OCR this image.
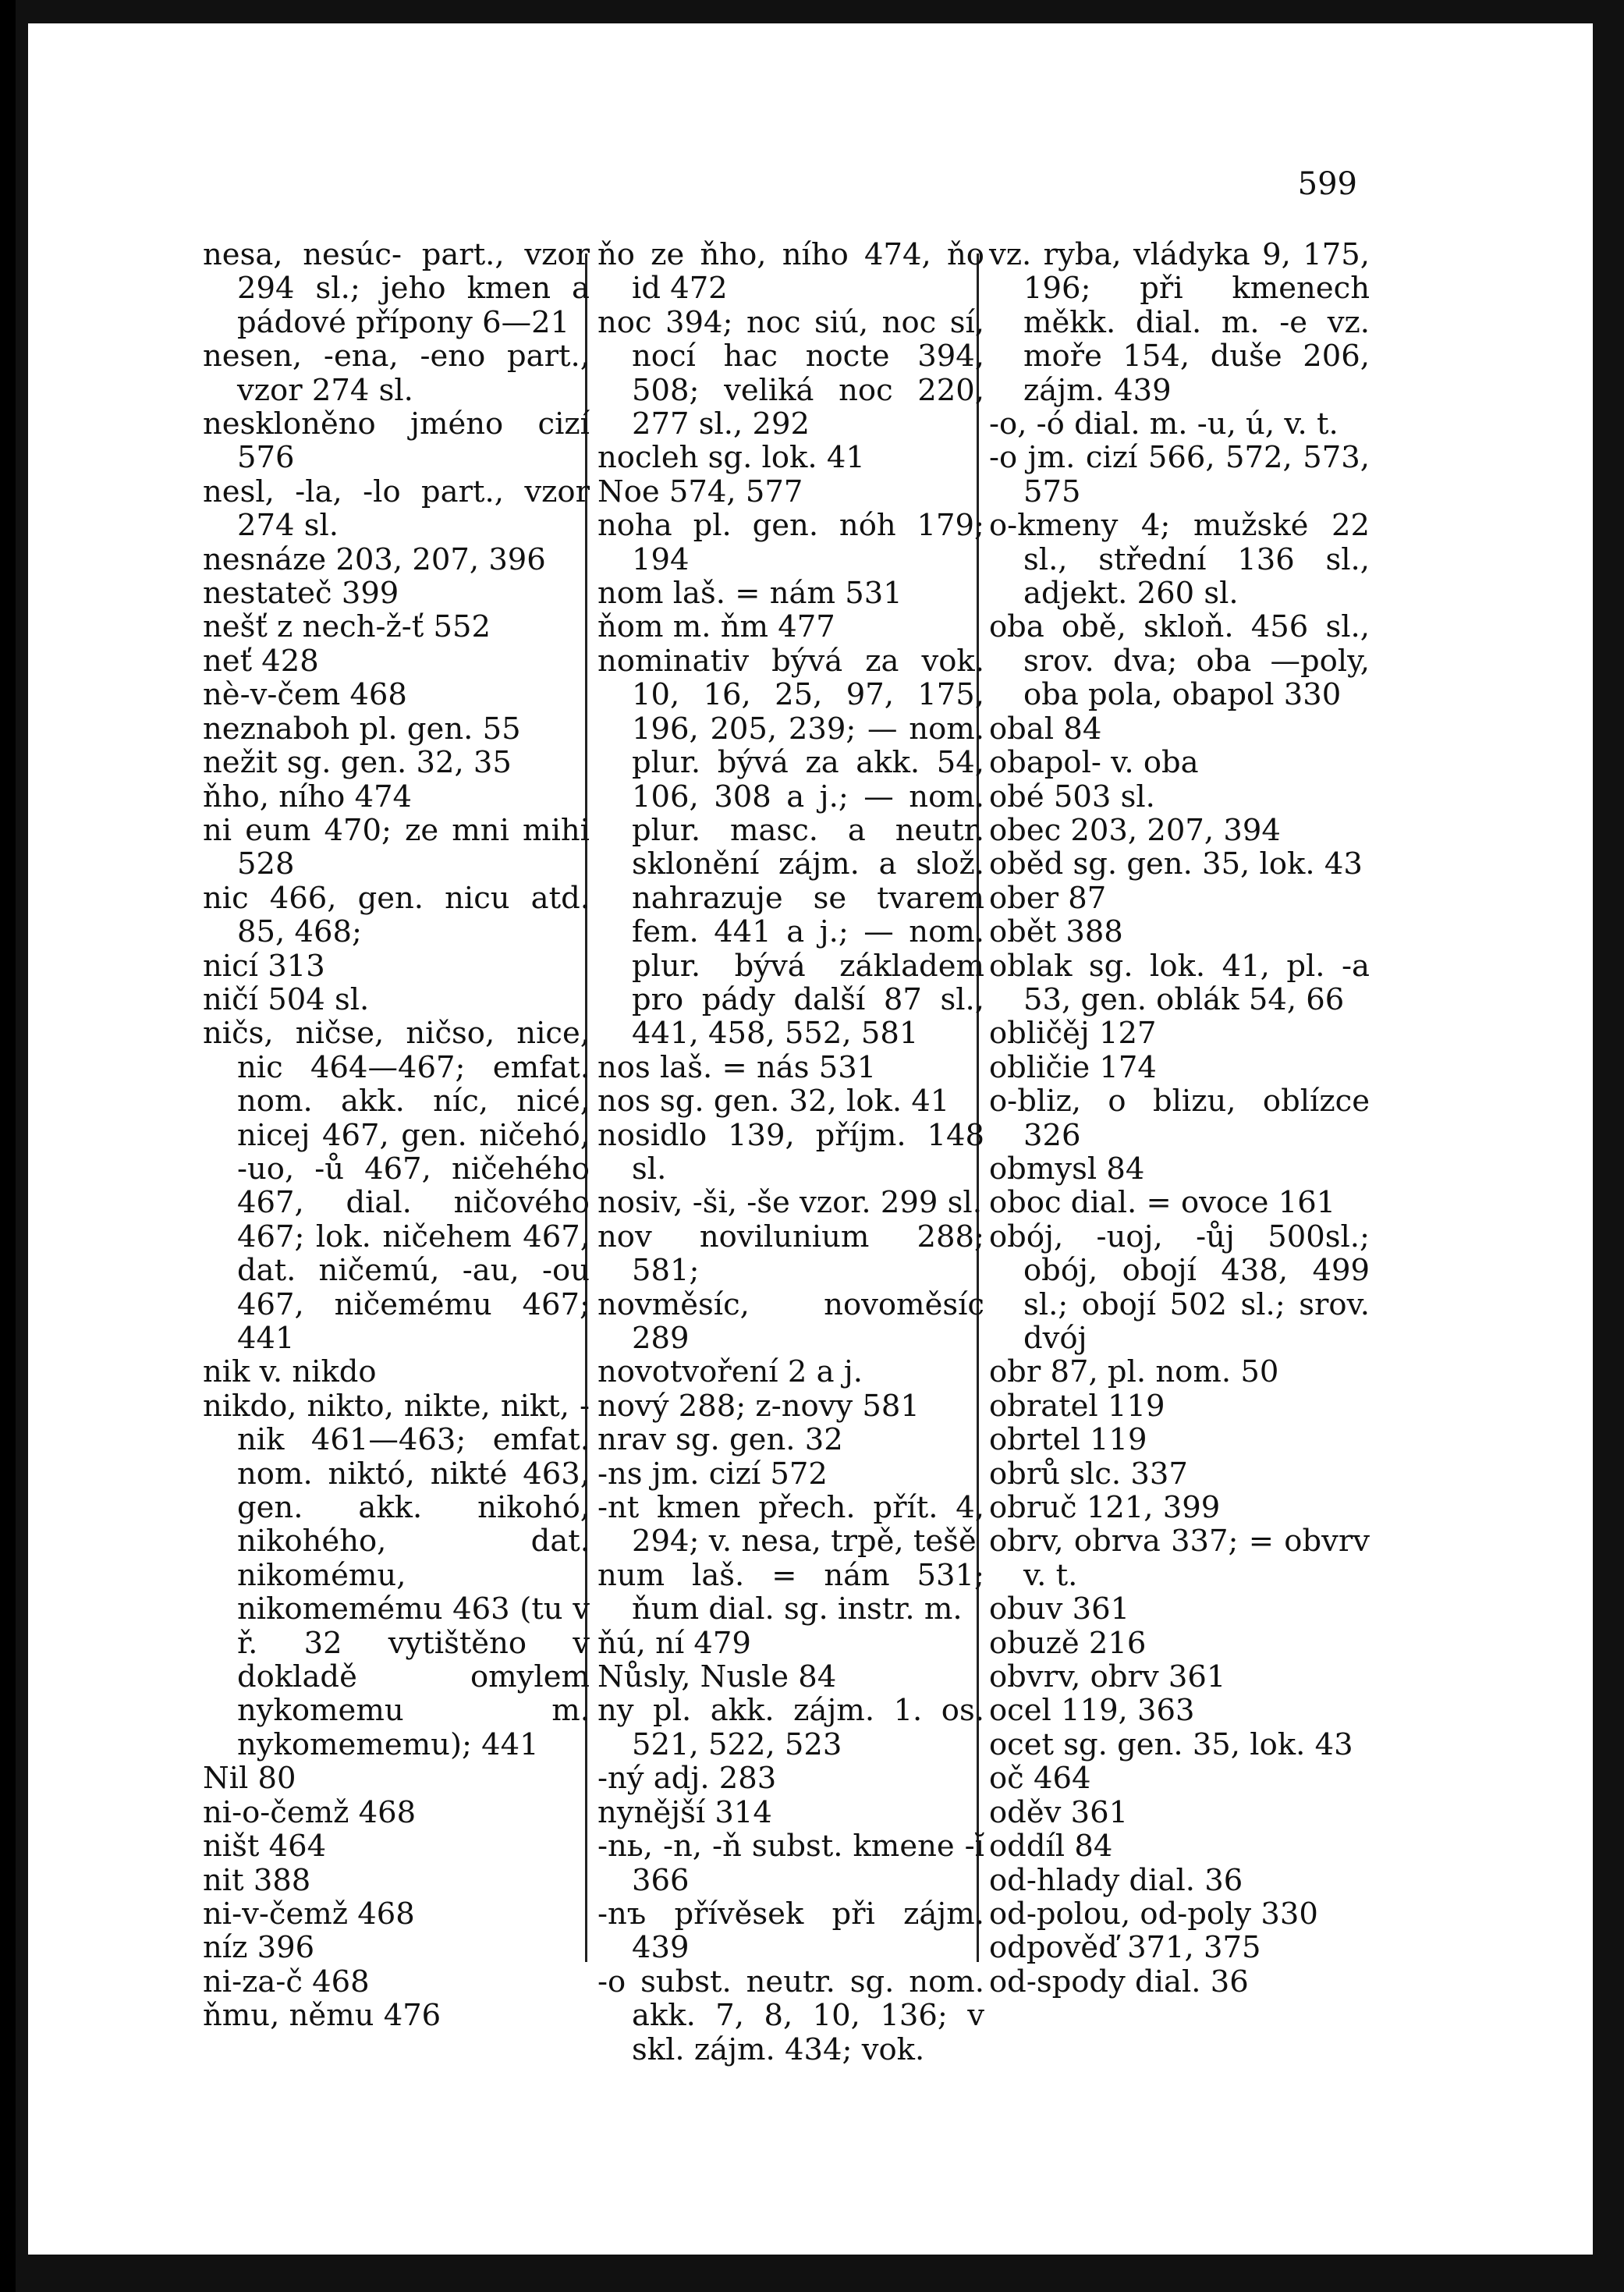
599
nesa, nesúc- part., vzor 294 sl.; jeho kmen a pádové přípony 6—21
nesen, -ena, -eno part., vzor 274 sl.
neskloněno jméno cizí 576
nesl, -la, -lo part., vzor 274 sl.
nesnáze 203, 207, 396
nestateč 399
nešť z nech-ž-ť 552
neť 428
nè-v-čem 468
neznaboh pl. gen. 55
nežit sg. gen. 32, 35
ňho, ního 474
ni eum 470; ze mni mihi 528
nic 466, gen. nicu atd. 85, 468;
nicí 313
ničí 504 sl.
ničs, ničse, ničso, nice, nic 464—467; emfat. nom. akk. níc, nicé, nicej 467, gen. ničehó, -uo, -ů 467, ničehého 467, dial. ničového 467; lok. ničehem 467, dat. ničemú, -au, -ou 467, ničemému 467; 441
nik v. nikdo
nikdo, nikto, nikte, nikt, -nik 461—463; emfat. nom. niktó, nikté 463, gen. akk. nikohó, nikohého, dat. nikomému, nikomemému 463 (tu v ř. 32 vytištěno v dokladě omylem nykomemu m. nykomememu); 441
Nil 80
ni-o-čemž 468
ništ 464
nit 388
ni-v-čemž 468
níz 396
ni-za-č 468
ňmu, němu 476
ňo ze ňho, ního 474, ňo id 472
noc 394; noc siú, noc sí, nocí hac nocte 394, 508; veliká noc 220, 277 sl., 292
nocleh sg. lok. 41
Noe 574, 577
noha pl. gen. nóh 179; 194
nom laš. = nám 531
ňom m. ňm 477
nominativ bývá za vok. 10, 16, 25, 97, 175, 196, 205, 239; — nom. plur. bývá za akk. 54, 106, 308 a j.; — nom. plur. masc. a neutr. sklonění zájm. a slož. nahrazuje se tvarem fem. 441 a j.; — nom. plur. bývá základem pro pády další 87 sl., 441, 458, 552, 581
nos laš. = nás 531
nos sg. gen. 32, lok. 41
nosidlo 139, příjm. 148 sl.
nosiv, -ši, -še vzor. 299 sl.
nov novilunium 288; 581;
novměsíc, novoměsíc 289
novotvoření 2 a j.
nový 288; z-novy 581
nrav sg. gen. 32
-ns jm. cizí 572
-nt kmen přech. přít. 4, 294; v. nesa, trpě, tešě
num laš. = nám 531; ňum dial. sg. instr. m.
ňú, ní 479
Nůsly, Nusle 84
ny pl. akk. zájm. 1. os. 521, 522, 523
-ný adj. 283
nynější 314
-nь, -n, -ň subst. kmene -ĭ 366
-nъ přívěsek při zájm. 439
-o subst. neutr. sg. nom. akk. 7, 8, 10, 136; v skl. zájm. 434; vok.
vz. ryba, vládyka 9, 175, 196; při kmenech měkk. dial. m. -e vz. moře 154, duše 206, zájm. 439
-o, -ó dial. m. -u, ú, v. t.
-o jm. cizí 566, 572, 573, 575
o-kmeny 4; mužské 22 sl., střední 136 sl., adjekt. 260 sl.
oba obě, skloň. 456 sl., srov. dva; oba —poly, oba pola, obapol 330
obal 84
obapol- v. oba
obé 503 sl.
obec 203, 207, 394
oběd sg. gen. 35, lok. 43
ober 87
obět 388
oblak sg. lok. 41, pl. -a 53, gen. oblák 54, 66
obličěj 127
obličie 174
o-bliz, o blizu, oblízce 326
obmysl 84
oboc dial. = ovoce 161
obój, -uoj, -ůj 500sl.; obój, obojí 438, 499 sl.; obojí 502 sl.; srov. dvój
obr 87, pl. nom. 50
obratel 119
obrtel 119
obrů slc. 337
obruč 121, 399
obrv, obrva 337; = obvrv v. t.
obuv 361
obuzě 216
obvrv, obrv 361
ocel 119, 363
ocet sg. gen. 35, lok. 43
oč 464
oděv 361
oddíl 84
od-hlady dial. 36
od-polou, od-poly 330
odpověď 371, 375
od-spody dial. 36
